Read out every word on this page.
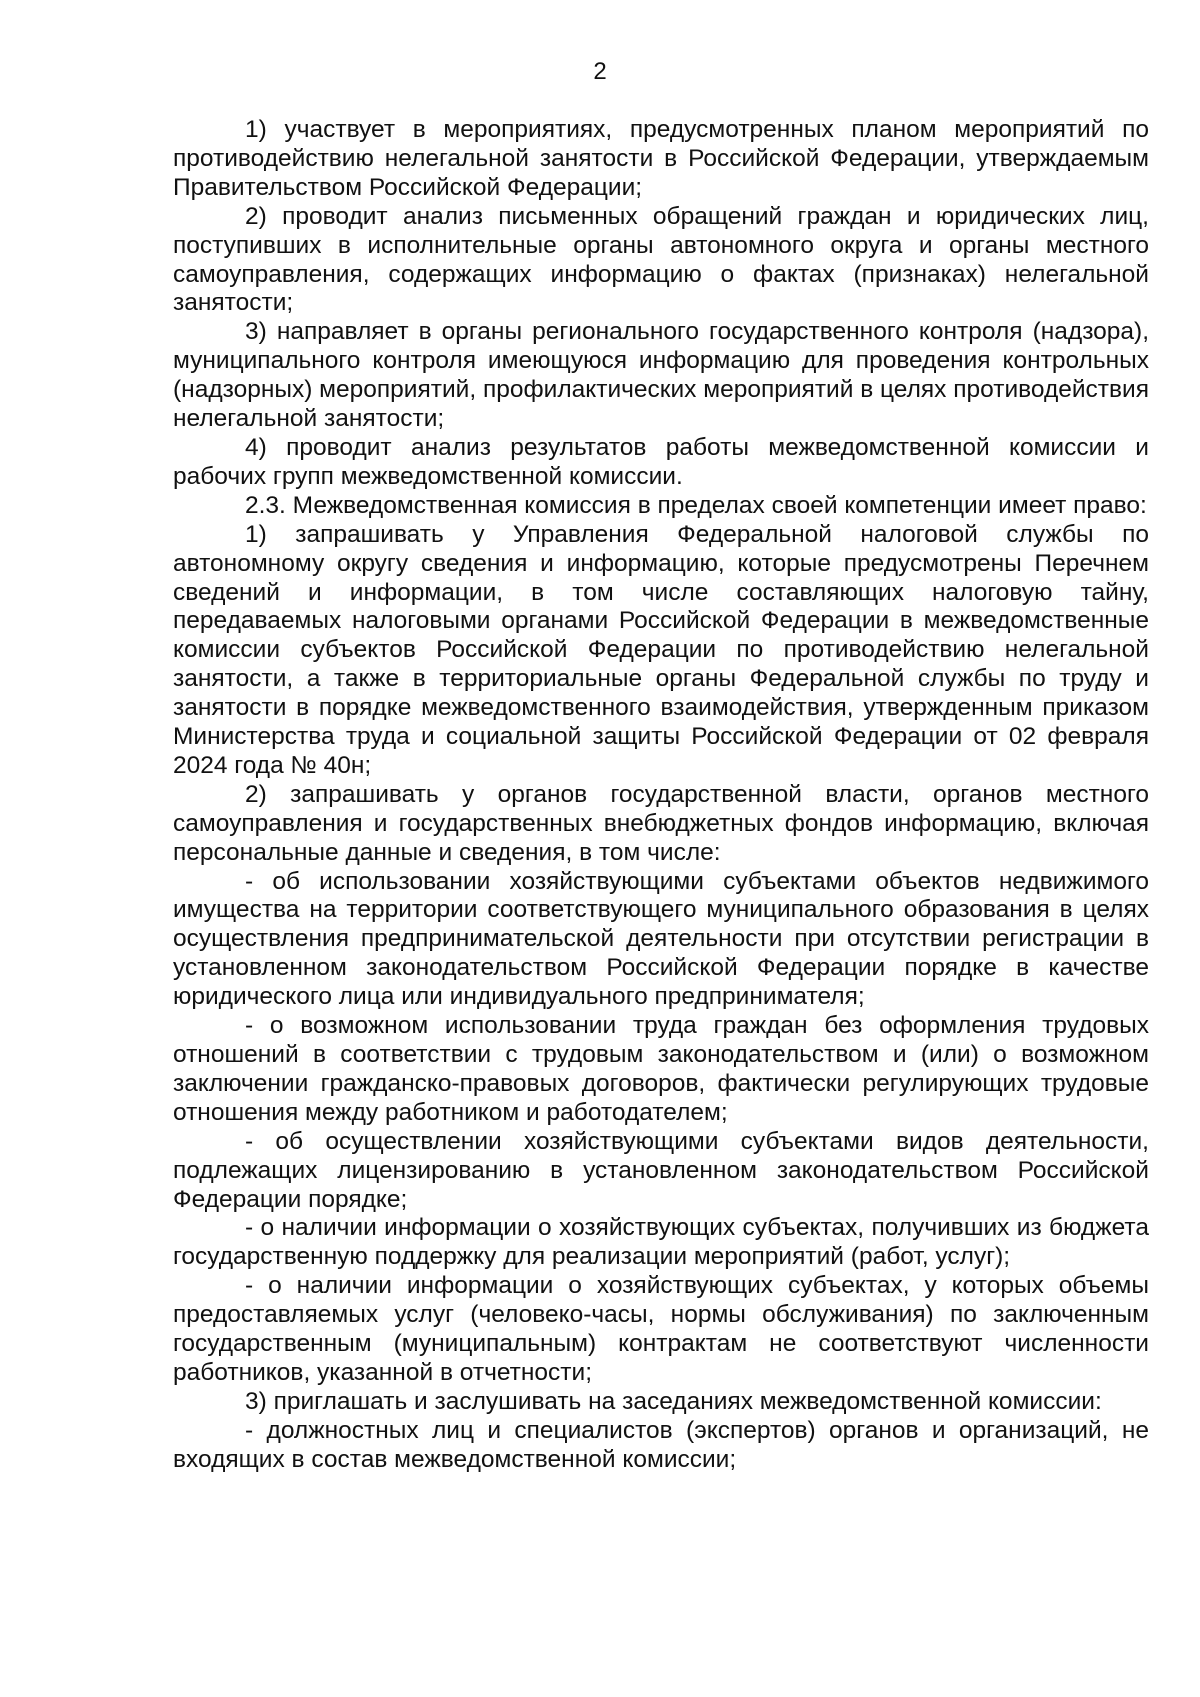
2

1) участвует в мероприятиях, предусмотренных планом мероприятий по противодействию нелегальной занятости в Российской Федерации, утверждаемым Правительством Российской Федерации;

2) проводит анализ письменных обращений граждан и юридических лиц, поступивших в исполнительные органы автономного округа и органы местного самоуправления, содержащих информацию о фактах (признаках) нелегальной занятости;

3) направляет в органы регионального государственного контроля (надзора), муниципального контроля имеющуюся информацию для проведения контрольных (надзорных) мероприятий, профилактических мероприятий в целях противодействия нелегальной занятости;

4) проводит анализ результатов работы межведомственной комиссии и рабочих групп межведомственной комиссии.

2.3. Межведомственная комиссия в пределах своей компетенции имеет право:

1) запрашивать у Управления Федеральной налоговой службы по автономному округу сведения и информацию, которые предусмотрены Перечнем сведений и информации, в том числе составляющих налоговую тайну, передаваемых налоговыми органами Российской Федерации в межведомственные комиссии субъектов Российской Федерации по противодействию нелегальной занятости, а также в территориальные органы Федеральной службы по труду и занятости в порядке межведомственного взаимодействия, утвержденным приказом Министерства труда и социальной защиты Российской Федерации от 02 февраля 2024 года № 40н;

2) запрашивать у органов государственной власти, органов местного самоуправления и государственных внебюджетных фондов информацию, включая персональные данные и сведения, в том числе:

- об использовании хозяйствующими субъектами объектов недвижимого имущества на территории соответствующего муниципального образования в целях осуществления предпринимательской деятельности при отсутствии регистрации в установленном законодательством Российской Федерации порядке в качестве юридического лица или индивидуального предпринимателя;

- о возможном использовании труда граждан без оформления трудовых отношений в соответствии с трудовым законодательством и (или) о возможном заключении гражданско-правовых договоров, фактически регулирующих трудовые отношения между работником и работодателем;

- об осуществлении хозяйствующими субъектами видов деятельности, подлежащих лицензированию в установленном законодательством Российской Федерации порядке;

- о наличии информации о хозяйствующих субъектах, получивших из бюджета государственную поддержку для реализации мероприятий (работ, услуг);

- о наличии информации о хозяйствующих субъектах, у которых объемы предоставляемых услуг (человеко-часы, нормы обслуживания) по заключенным государственным (муниципальным) контрактам не соответствуют численности работников, указанной в отчетности;

3) приглашать и заслушивать на заседаниях межведомственной комиссии:

- должностных лиц и специалистов (экспертов) органов и организаций, не входящих в состав межведомственной комиссии;
